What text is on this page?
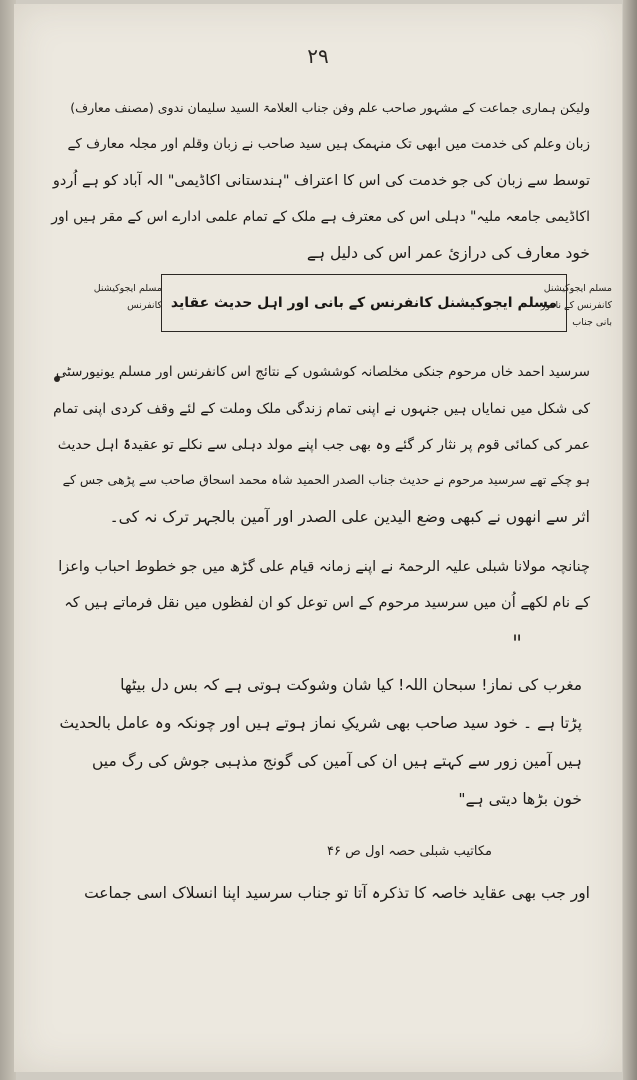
۲۹
ولیکن ہماری جماعت کے مشہور صاحب علم وفن جناب العلامۃ السید سلیمان ندوی (مصنف معارف)
زبان وعلم کی خدمت میں ابھی تک منہمک ہیں سید صاحب نے زبان وقلم اور مجلہ معارف کے
توسط سے زبان کی جو خدمت کی اس کا اعتراف "ہندستانی اکاڈیمی" الہ آباد کو ہے اُردو
اکاڈیمی جامعہ ملیہ" دہلی اس کی معترف ہے ملک کے تمام علمی ادارے اس کے مقر ہیں اور
خود معارف کی درازیٔ عمر اس کی دلیل ہے
مسلم ایجوکیشنل کانفرنس مسلم ایجوکیشنل کانفرنس کے بانی اور اہل حدیث عقاید
مسلم ایجوکیشنل کانفرنس کے نامور بانی جناب
سرسید احمد خاں مرحوم جنکی مخلصانہ کوششوں کے نتائج اس کانفرنس اور مسلم یونیورسٹی
کی شکل میں نمایاں ہیں جنہوں نے اپنی تمام زندگی ملک وملت کے لئے وقف کردی اپنی تمام
عمر کی کمائی قوم پر نثار کر گئے وہ بھی جب اپنے مولد دہلی سے نکلے تو عقیدۃً اہل حدیث
ہو چکے تھے سرسید مرحوم نے حدیث جناب الصدر الحمید شاہ محمد اسحاق صاحب سے پڑھی جس کے
اثر سے انھوں نے کبھی وضع الیدین علی الصدر اور آمین بالجہر ترک نہ کی۔
چنانچہ مولانا شبلی علیہ الرحمۃ نے اپنے زمانہ قیام علی گڑھ میں جو خطوط احباب واعزا
کے نام لکھے اُن میں سرسید مرحوم کے اس توعل کو ان لفظوں میں نقل فرماتے ہیں کہ
"
مغرب کی نماز! سبحان اللہ! کیا شان وشوکت ہوتی ہے کہ بس دل بیٹھا
پڑتا ہے ۔ خود سید صاحب بھی شریکِ نماز ہوتے ہیں اور چونکہ وہ عامل بالحدیث
ہیں آمین زور سے کہتے ہیں ان کی آمین کی گونج مذہبی جوش کی رگ میں
خون بڑھا دیتی ہے"
مکاتیب شبلی حصہ اول ص ۴۶
اور جب بھی عقاید خاصہ کا تذکرہ آتا تو جناب سرسید اپنا انسلاک اسی جماعت
